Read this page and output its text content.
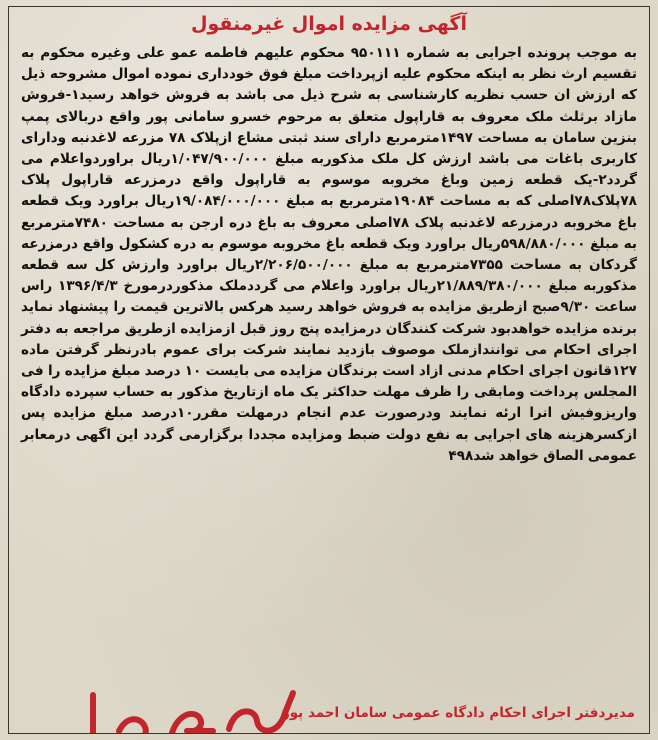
آگهی مزایده اموال غیرمنقول

به موجب پرونده اجرایی به شماره ۹۵۰۱۱۱ محکوم علیهم فاطمه عمو علی وغیره محکوم به تقسیم ارث نظر به اینکه محکوم علیه ازپرداخت مبلغ فوق خودداری نموده اموال مشروحه ذیل که ارزش ان حسب نظریه کارشناسی به شرح ذیل می باشد به فروش خواهد رسید۱-فروش مازاد برثلث ملک معروف به قاراپول متعلق به مرحوم خسرو سامانی پور واقع دربالای پمپ بنزین سامان به مساحت ۱۴۹۷مترمربع دارای سند ثبتی مشاع ازپلاک ۷۸ مزرعه لاغدنبه ودارای کاربری باغات می باشد ارزش کل ملک مذکوربه مبلغ ۱/۰۴۷/۹۰۰/۰۰۰ریال براوردواعلام می گردد۲-یک قطعه زمین وباغ مخروبه موسوم به قاراپول واقع درمزرعه قاراپول پلاک ۷۸پلاک۷۸اصلی که به مساحت ۱۹۰۸۴مترمربع به مبلغ ۱۹/۰۸۴/۰۰۰/۰۰۰ریال براورد ویک قطعه باغ مخروبه درمزرعه لاغدنبه پلاک ۷۸اصلی معروف به باغ دره ارجن به مساحت ۷۴۸۰مترمربع به مبلغ ۵۹۸/۸۸۰/۰۰۰ریال براورد ویک قطعه باغ مخروبه موسوم به دره کشکول واقع درمزرعه گردکان به مساحت ۷۳۵۵مترمربع به مبلغ ۲/۲۰۶/۵۰۰/۰۰۰ریال براورد وارزش کل سه قطعه مذکوربه مبلغ ۲۱/۸۸۹/۳۸۰/۰۰۰ریال براورد واعلام می گرددملک مذکوردرمورخ ۱۳۹۶/۴/۳ راس ساعت ۹/۳۰صبح ازطریق مزایده به فروش خواهد رسید هرکس بالاترین قیمت را پیشنهاد نماید برنده مزایده خواهدبود شرکت کنندگان درمزایده پنج روز قبل ازمزایده ازطریق مراجعه به دفتر اجرای احکام می توانندازملک موصوف بازدید نمایند شرکت برای عموم بادرنظر گرفتن ماده ۱۲۷قانون اجرای احکام مدنی ازاد است برندگان مزایده می بایست ۱۰ درصد مبلغ مزایده را فی المجلس پرداخت ومابقی را ظرف مهلت حداکثر یک ماه ازتاریخ مذکور به حساب سپرده دادگاه واریزوفیش انرا ارئه نمایند ودرصورت عدم انجام درمهلت مقرر۱۰درصد مبلغ مزایده پس ازکسرهزینه های اجرایی به نفع دولت ضبط ومزایده مجددا برگزارمی گردد این اگهی درمعابر عمومی الصاق خواهد شد۴۹۸

مدیردفتر اجرای احکام دادگاه عمومی سامان احمد پور
